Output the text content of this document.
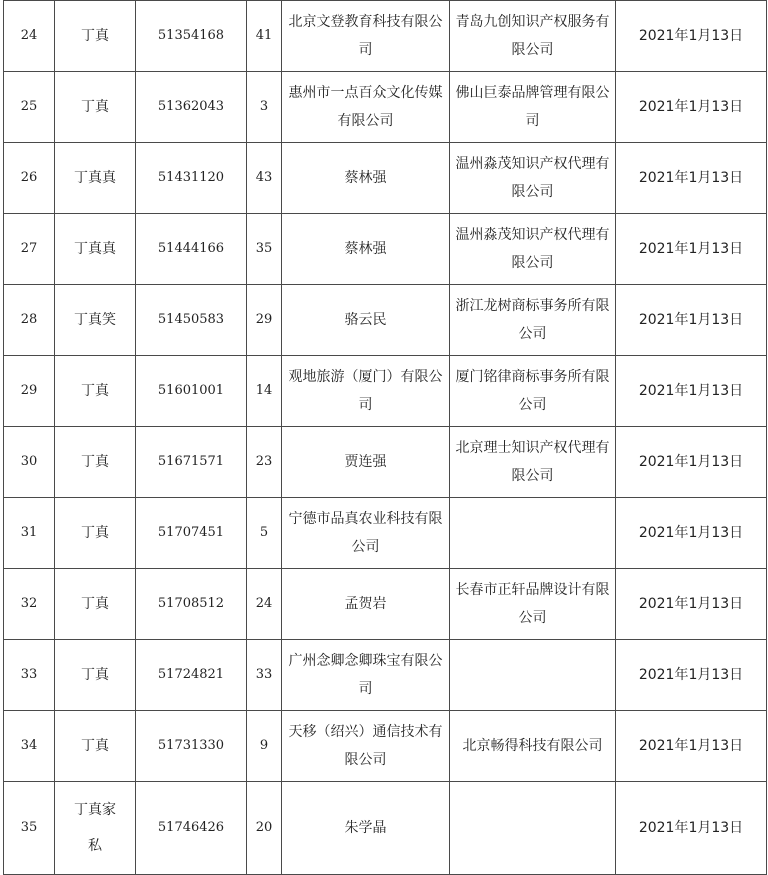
24	丁真	51354168	41	北京文登教育科技有限公司	青岛九创知识产权服务有限公司	2021年1月13日
25	丁真	51362043	3	惠州市一点百众文化传媒有限公司	佛山巨泰品牌管理有限公司	2021年1月13日
26	丁真真	51431120	43	蔡林强	温州淼茂知识产权代理有限公司	2021年1月13日
27	丁真真	51444166	35	蔡林强	温州淼茂知识产权代理有限公司	2021年1月13日
28	丁真笑	51450583	29	骆云民	浙江龙树商标事务所有限公司	2021年1月13日
29	丁真	51601001	14	观地旅游（厦门）有限公司	厦门铭律商标事务所有限公司	2021年1月13日
30	丁真	51671571	23	贾连强	北京理士知识产权代理有限公司	2021年1月13日
31	丁真	51707451	5	宁德市品真农业科技有限公司		2021年1月13日
32	丁真	51708512	24	孟贺岩	长春市正轩品牌设计有限公司	2021年1月13日
33	丁真	51724821	33	广州念卿念卿珠宝有限公司		2021年1月13日
34	丁真	51731330	9	天移（绍兴）通信技术有限公司	北京畅得科技有限公司	2021年1月13日
35	丁真家私	51746426	20	朱学晶		2021年1月13日
